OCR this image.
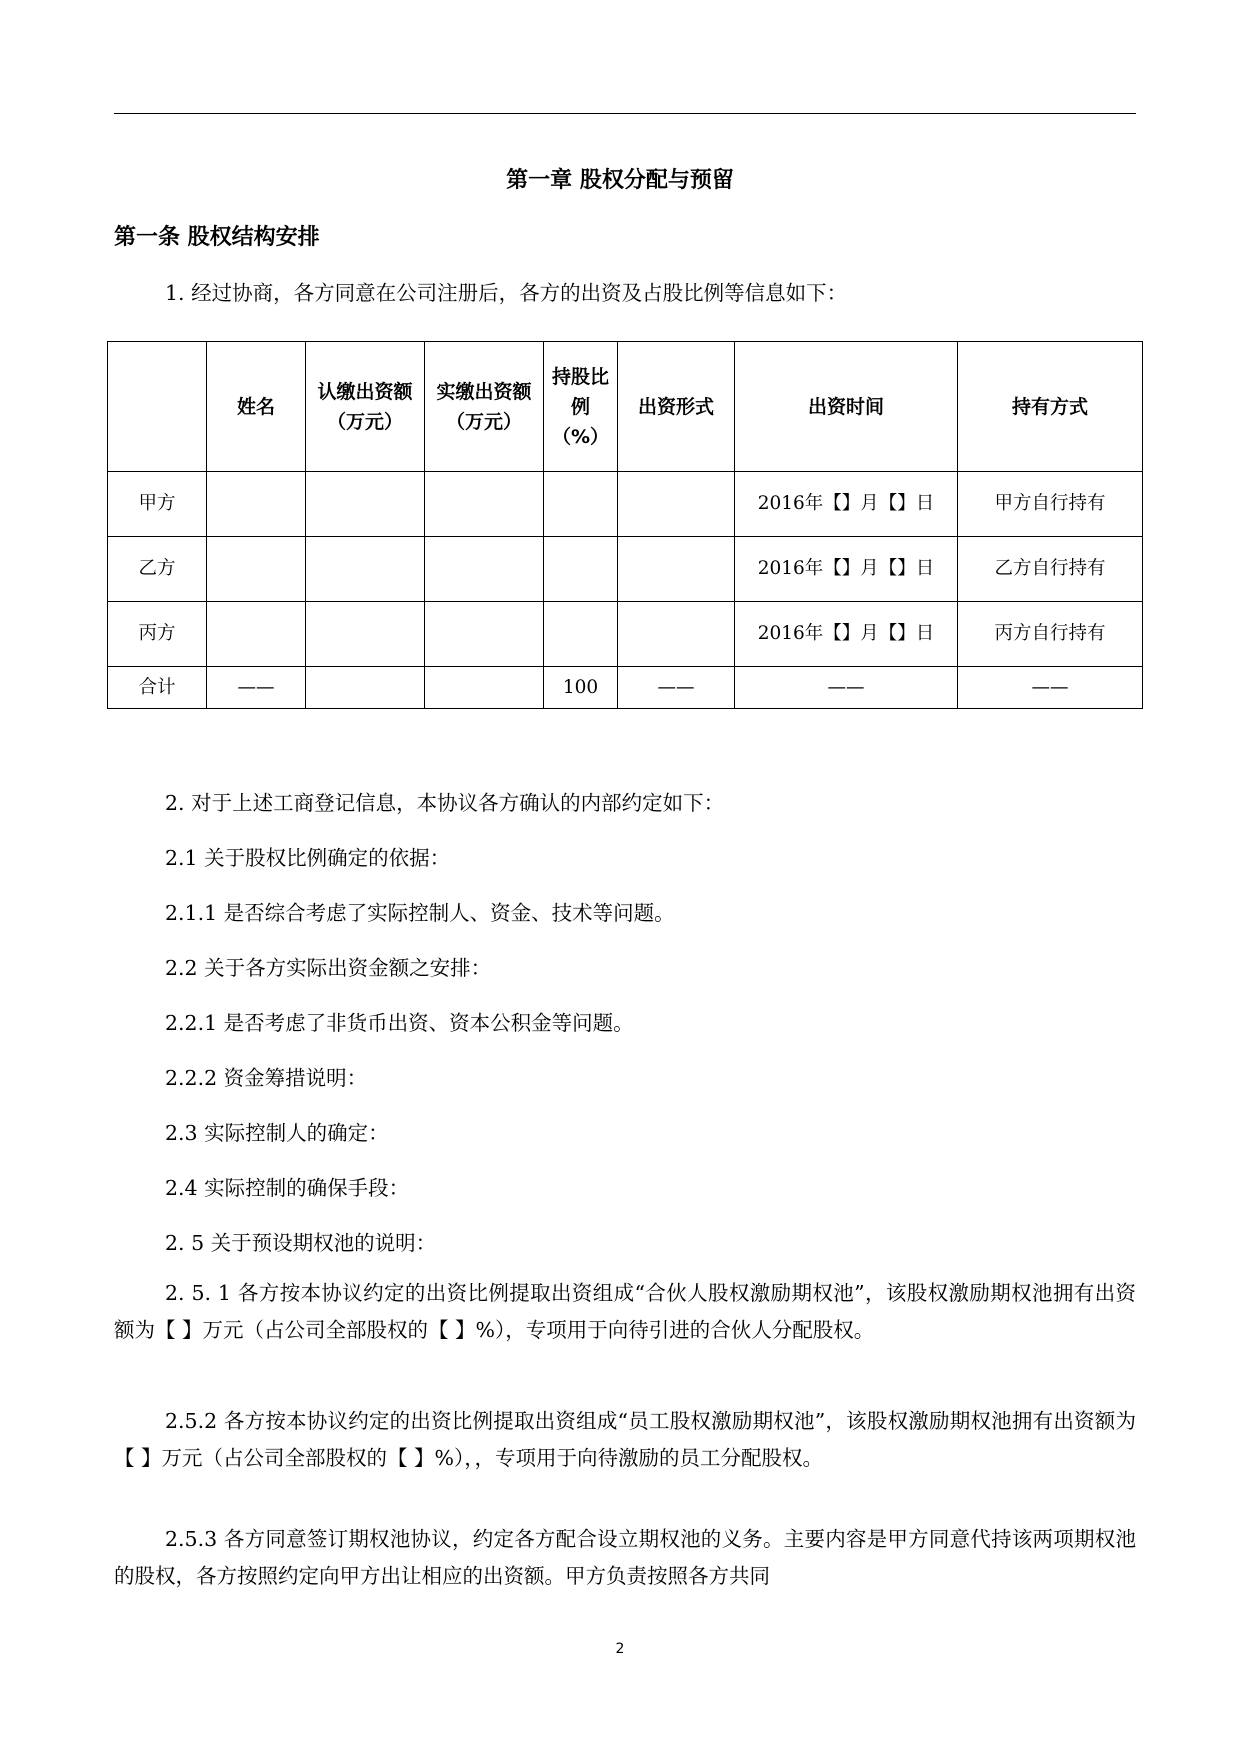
第一章 股权分配与预留
第一条 股权结构安排
1. 经过协商，各方同意在公司注册后，各方的出资及占股比例等信息如下：
	姓名	认缴出资额（万元）	实缴出资额（万元）	持股比例（%）	出资形式	出资时间	持有方式
甲方						2016年【】月【】日	甲方自行持有
乙方						2016年【】月【】日	乙方自行持有
丙方						2016年【】月【】日	丙方自行持有
合计	——			100	——	——	——
2. 对于上述工商登记信息，本协议各方确认的内部约定如下：
2.1 关于股权比例确定的依据：
2.1.1 是否综合考虑了实际控制人、资金、技术等问题。
2.2 关于各方实际出资金额之安排：
2.2.1 是否考虑了非货币出资、资本公积金等问题。
2.2.2 资金筹措说明：
2.3 实际控制人的确定：
2.4 实际控制的确保手段：
2. 5 关于预设期权池的说明：
2. 5. 1 各方按本协议约定的出资比例提取出资组成“合伙人股权激励期权池”，该股权激励期权池拥有出资额为【 】万元（占公司全部股权的【 】%），专项用于向待引进的合伙人分配股权。
2.5.2 各方按本协议约定的出资比例提取出资组成“员工股权激励期权池”，该股权激励期权池拥有出资额为【 】万元（占公司全部股权的【 】%），，专项用于向待激励的员工分配股权。
2.5.3 各方同意签订期权池协议，约定各方配合设立期权池的义务。主要内容是甲方同意代持该两项期权池的股权，各方按照约定向甲方出让相应的出资额。甲方负责按照各方共同
2
